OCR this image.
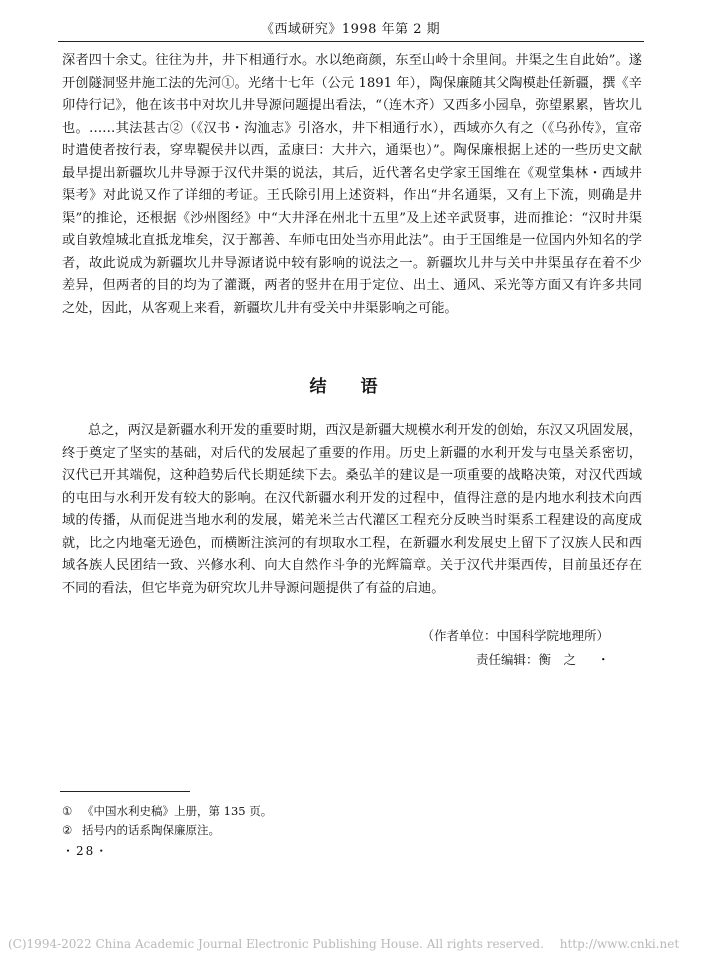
《西域研究》1998 年第 2 期

深者四十余丈。往往为井，井下相通行水。水以绝商颜，东至山岭十余里间。井渠之生自此始”。遂开创隧洞竖井施工法的先河①。光绪十七年（公元 1891 年），陶保廉随其父陶模赴任新疆，撰《辛卯侍行记》，他在该书中对坎儿井导源问题提出看法，“（连木齐）又西多小园阜，弥望累累，皆坎儿也。……其法甚古②（《汉书・沟洫志》引洛水，井下相通行水），西域亦久有之（《乌孙传》，宣帝时遣使者按行表，穿卑鞮侯井以西，孟康曰：大井六，通渠也）”。陶保廉根据上述的一些历史文献最早提出新疆坎儿井导源于汉代井渠的说法，其后，近代著名史学家王国维在《观堂集林・西域井渠考》对此说又作了详细的考证。王氏除引用上述资料，作出“井名通渠，又有上下流，则确是井渠”的推论，还根据《沙州图经》中“大井泽在州北十五里”及上述辛武贤事，进而推论：“汉时井渠或自敦煌城北直抵龙堆矣，汉于鄯善、车师屯田处当亦用此法”。由于王国维是一位国内外知名的学者，故此说成为新疆坎儿井导源诸说中较有影响的说法之一。新疆坎儿井与关中井渠虽存在着不少差异，但两者的目的均为了灌溉，两者的竖井在用于定位、出土、通风、采光等方面又有许多共同之处，因此，从客观上来看，新疆坎儿井有受关中井渠影响之可能。

结 语

总之，两汉是新疆水利开发的重要时期，西汉是新疆大规模水利开发的创始，东汉又巩固发展，终于奠定了坚实的基础，对后代的发展起了重要的作用。历史上新疆的水利开发与屯垦关系密切，汉代已开其端倪，这种趋势后代长期延续下去。桑弘羊的建议是一项重要的战略决策，对汉代西域的屯田与水利开发有较大的影响。在汉代新疆水利开发的过程中，值得注意的是内地水利技术向西域的传播，从而促进当地水利的发展，婼羌米兰古代灌区工程充分反映当时渠系工程建设的高度成就，比之内地毫无逊色，而横断注滨河的有坝取水工程，在新疆水利发展史上留下了汉族人民和西域各族人民团结一致、兴修水利、向大自然作斗争的光辉篇章。关于汉代井渠西传，目前虽还存在不同的看法，但它毕竟为研究坎儿井导源问题提供了有益的启迪。

（作者单位：中国科学院地理所）
责任编辑：衡　之 ・
① 《中国水利史稿》上册，第 135 页。
② 括号内的话系陶保廉原注。
・28・
(C)1994-2022 China Academic Journal Electronic Publishing House. All rights reserved.　 http://www.cnki.net
